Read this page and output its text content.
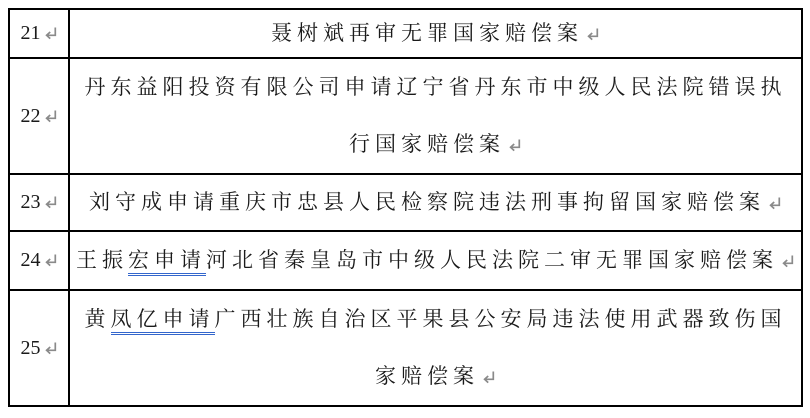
21	聂树斌再审无罪国家赔偿案

22	丹东益阳投资有限公司申请辽宁省丹东市中级人民法院错误执
行国家赔偿案

23	刘守成申请重庆市忠县人民检察院违法刑事拘留国家赔偿案

24	王振宏申请河北省秦皇岛市中级人民法院二审无罪国家赔偿案

25	黄凤亿申请广西壮族自治区平果县公安局违法使用武器致伤国
家赔偿案
